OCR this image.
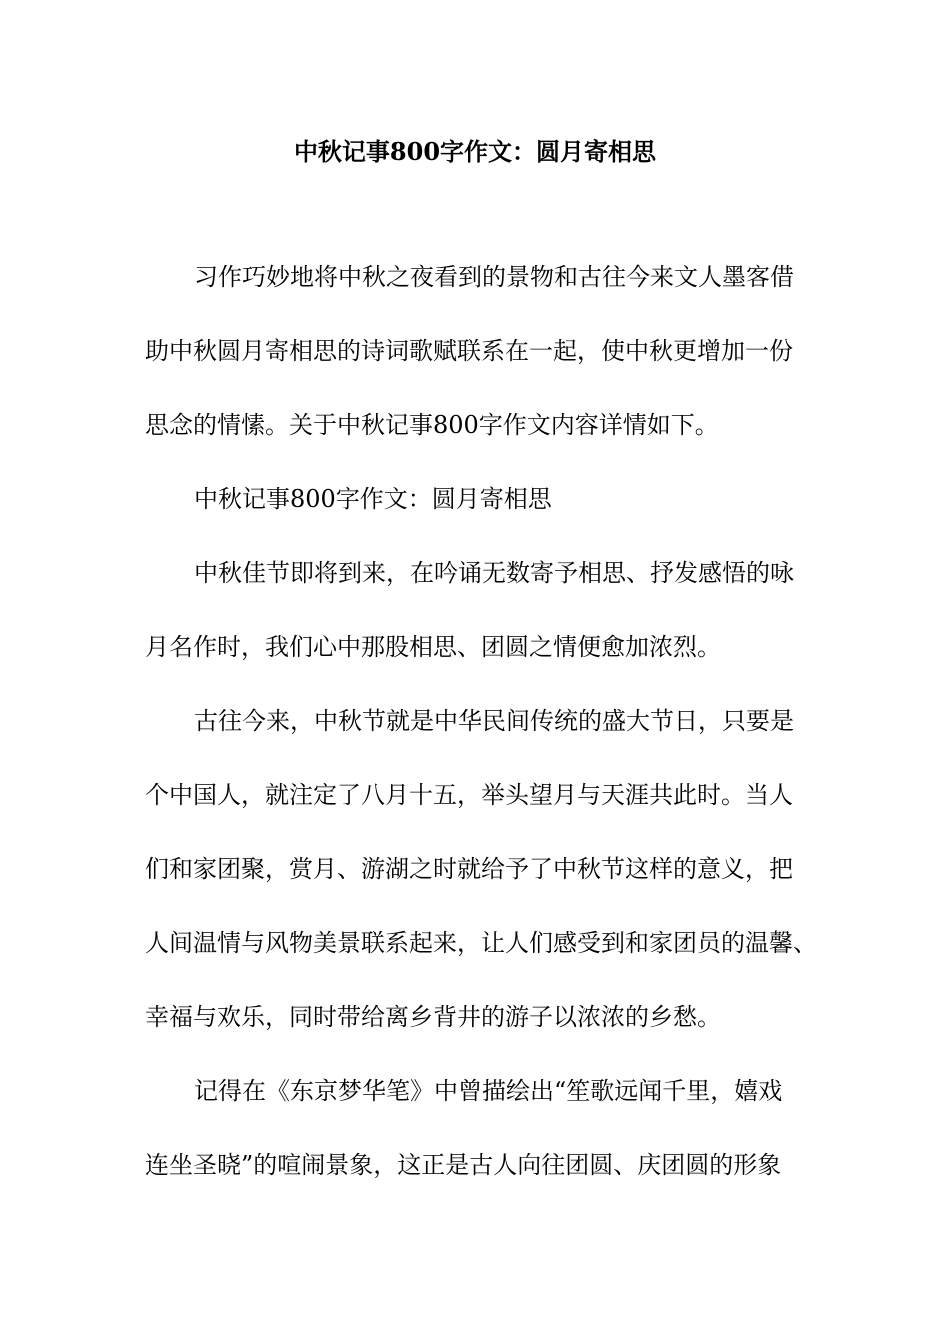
中秋记事800字作文：圆月寄相思
习作巧妙地将中秋之夜看到的景物和古往今来文人墨客借
助中秋圆月寄相思的诗词歌赋联系在一起，使中秋更增加一份
思念的情愫。关于中秋记事800字作文内容详情如下。
中秋记事800字作文：圆月寄相思
中秋佳节即将到来，在吟诵无数寄予相思、抒发感悟的咏
月名作时，我们心中那股相思、团圆之情便愈加浓烈。
古往今来，中秋节就是中华民间传统的盛大节日，只要是
个中国人，就注定了八月十五，举头望月与天涯共此时。当人
们和家团聚，赏月、游湖之时就给予了中秋节这样的意义，把
人间温情与风物美景联系起来，让人们感受到和家团员的温馨、
幸福与欢乐，同时带给离乡背井的游子以浓浓的乡愁。
记得在《东京梦华笔》中曾描绘出“笙歌远闻千里，嬉戏
连坐圣晓”的喧闹景象，这正是古人向往团圆、庆团圆的形象
